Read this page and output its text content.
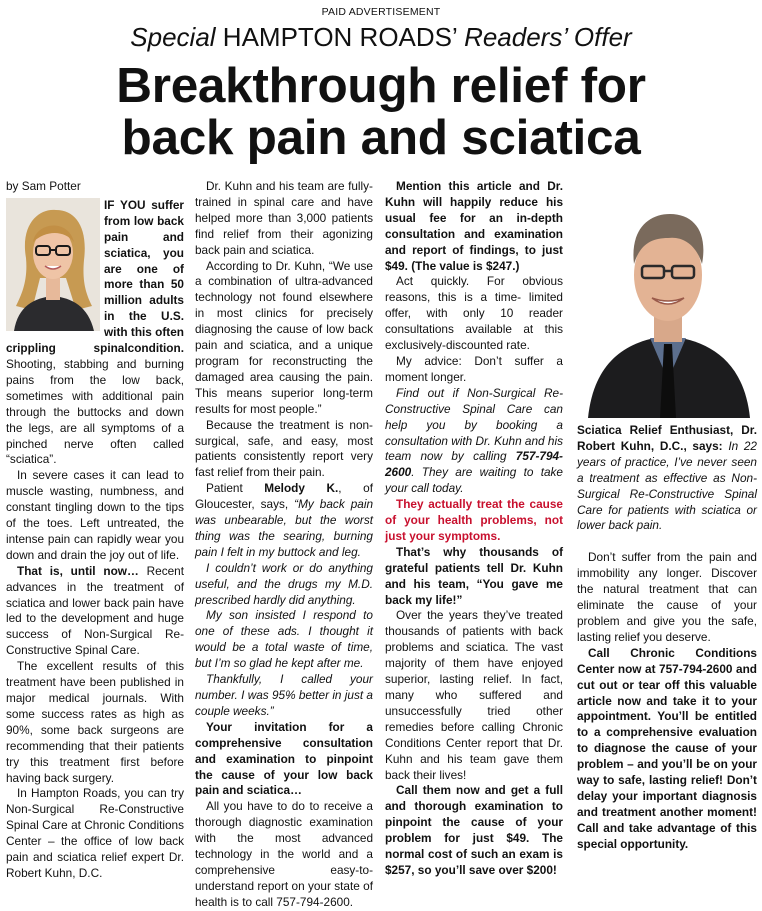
PAID ADVERTISEMENT
Special HAMPTON ROADS’ Readers’ Offer
Breakthrough relief for
back pain and sciatica
by Sam Potter

IF YOU suffer from low back pain and sciatica, you are one of more than 50 million adults in the U.S. with this often crippling spinalcondition. Shooting, stabbing and burning pains from the low back, sometimes with additional pain through the buttocks and down the legs, are all symptoms of a pinched nerve often called “sciatica”.

In severe cases it can lead to muscle wasting, numbness, and constant tingling down to the tips of the toes. Left untreated, the intense pain can rapidly wear you down and drain the joy out of life.

That is, until now… Recent advances in the treatment of sciatica and lower back pain have led to the development and huge success of Non-Surgical Re-Constructive Spinal Care.

The excellent results of this treatment have been published in major medical journals. With some success rates as high as 90%, some back surgeons are recommending that their patients try this treatment first before having back surgery.

In Hampton Roads, you can try Non-Surgical Re-Constructive Spinal Care at Chronic Conditions Center – the office of low back pain and sciatica relief expert Dr. Robert Kuhn, D.C.

Dr. Kuhn and his team are fully-trained in spinal care and have helped more than 3,000 patients find relief from their agonizing back pain and sciatica.

According to Dr. Kuhn, “We use a combination of ultra-advanced technology not found elsewhere in most clinics for precisely diagnosing the cause of low back pain and sciatica, and a unique program for reconstructing the damaged area causing the pain. This means superior long-term results for most people.”

Because the treatment is non-surgical, safe, and easy, most patients consistently report very fast relief from their pain.

Patient Melody K., of Gloucester, says, “My back pain was unbearable, but the worst thing was the searing, burning pain I felt in my buttock and leg.

I couldn’t work or do anything useful, and the drugs my M.D. prescribed hardly did anything.

My son insisted I respond to one of these ads. I thought it would be a total waste of time, but I’m so glad he kept after me.

Thankfully, I called your number. I was 95% better in just a couple weeks.”

Your invitation for a comprehensive consultation and examination to pinpoint the cause of your low back pain and sciatica…

All you have to do to receive a thorough diagnostic examination with the most advanced technology in the world and a comprehensive easy-to-understand report on your state of health is to call 757-794-2600.

Mention this article and Dr. Kuhn will happily reduce his usual fee for an in-depth consultation and examination and report of findings, to just $49. (The value is $247.)

Act quickly. For obvious reasons, this is a time- limited offer, with only 10 reader consultations available at this exclusively-discounted rate.

My advice: Don’t suffer a moment longer.

Find out if Non-Surgical Re-Constructive Spinal Care can help you by booking a consultation with Dr. Kuhn and his team now by calling 757-794-2600. They are waiting to take your call today.

They actually treat the cause of your health problems, not just your symptoms.

That’s why thousands of grateful patients tell Dr. Kuhn and his team, “You gave me back my life!”

Over the years they’ve treated thousands of patients with back problems and sciatica. The vast majority of them have enjoyed superior, lasting relief. In fact, many who suffered and unsuccessfully tried other remedies before calling Chronic Conditions Center report that Dr. Kuhn and his team gave them back their lives!

Call them now and get a full and thorough examination to pinpoint the cause of your problem for just $49. The normal cost of such an exam is $257, so you’ll save over $200!

Sciatica Relief Enthusiast, Dr. Robert Kuhn, D.C., says: In 22 years of practice, I’ve never seen a treatment as effective as Non-Surgical Re-Constructive Spinal Care for patients with sciatica or lower back pain.

Don’t suffer from the pain and immobility any longer. Discover the natural treatment that can eliminate the cause of your problem and give you the safe, lasting relief you deserve.

Call Chronic Conditions Center now at 757-794-2600 and cut out or tear off this valuable article now and take it to your appointment. You’ll be entitled to a comprehensive evaluation to diagnose the cause of your problem – and you’ll be on your way to safe, lasting relief! Don’t delay your important diagnosis and treatment another moment! Call and take advantage of this special opportunity.
